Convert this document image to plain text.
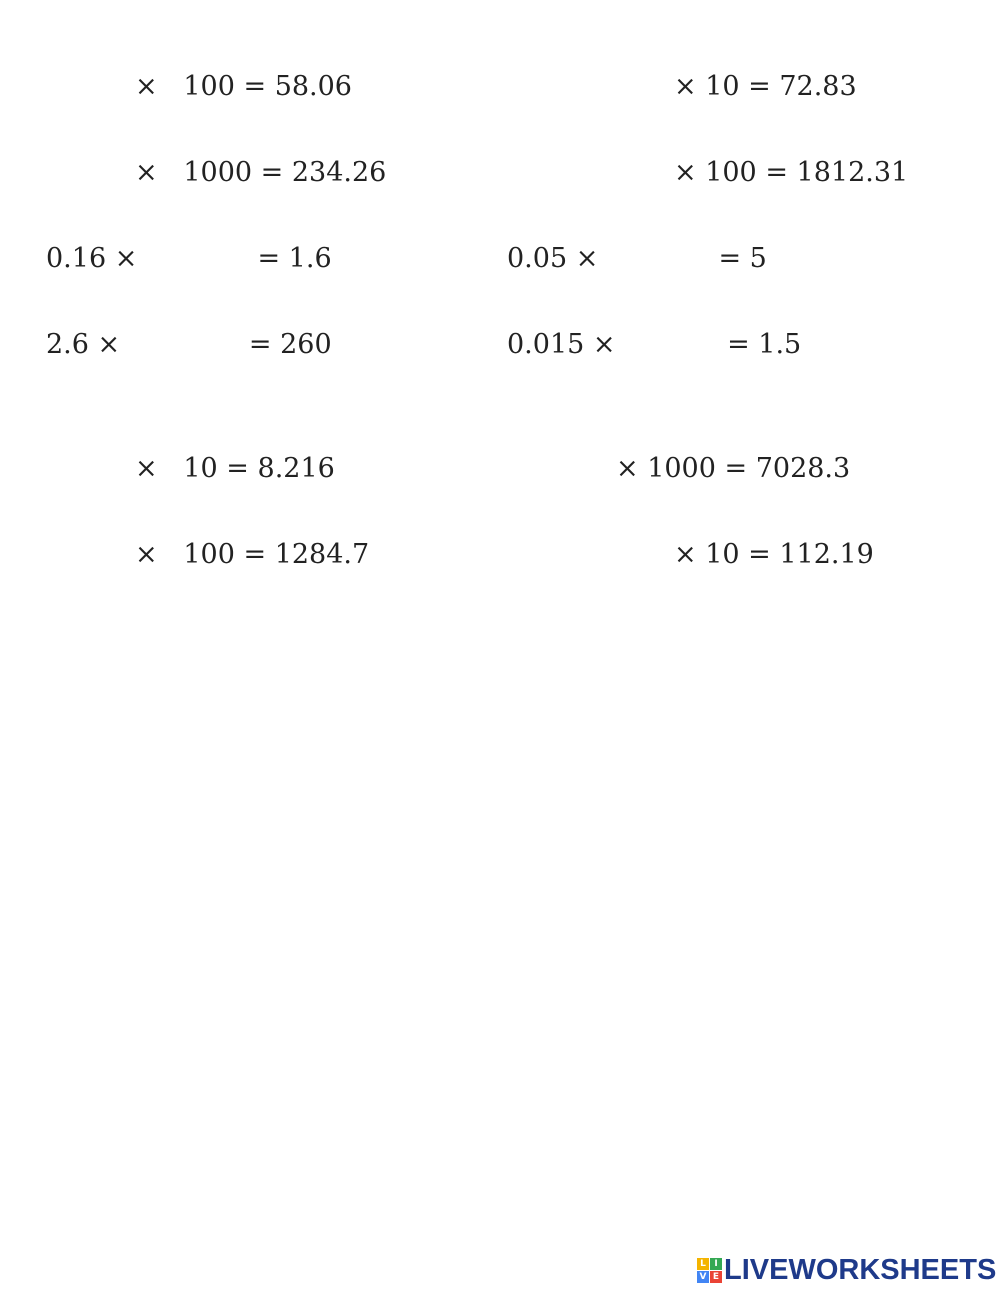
×   100 = 58.06	× 10 = 72.83
×   1000 = 234.26	× 100 = 1812.31
0.16 ×              = 1.6	0.05 ×              = 5
2.6 ×               = 260	0.015 ×             = 1.5
×   10 = 8.216	× 1000 = 7028.3
×   100 = 1284.7	× 10 = 112.19
L I
V E LIVEWORKSHEETS
